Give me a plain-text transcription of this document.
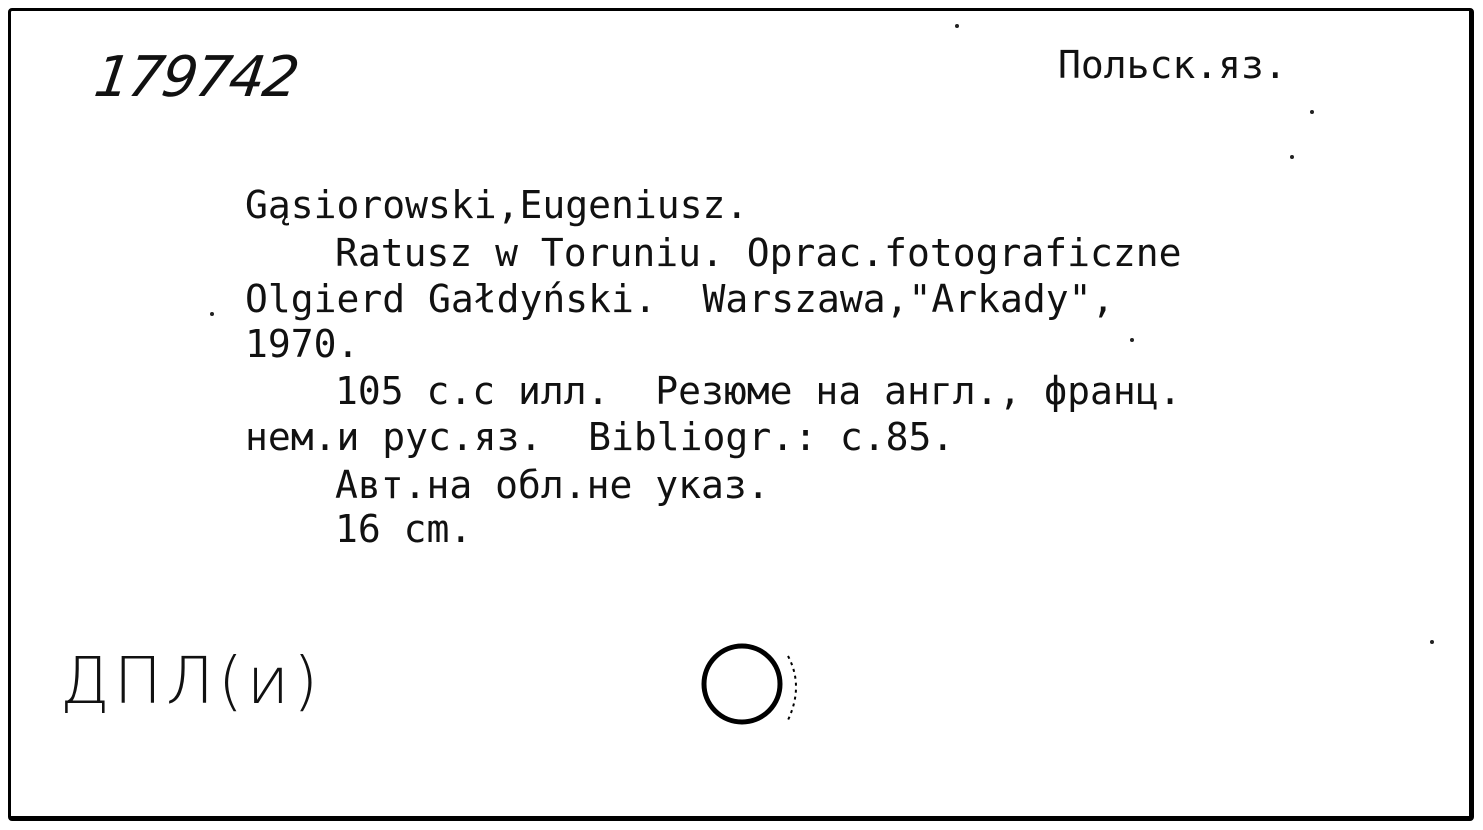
179742	Польск.яз.
Gąsiorowski,Eugeniusz.
Ratusz w Toruniu. Oprac.fotograficzne
Olgierd Gałdyński.  Warszawa,"Arkady",
1970.
105 с.с илл.  Резюме на англ., франц.
нем.и рус.яз.  Bibliogr.: с.85.
Авт.на обл.не указ.
16 cm.
ДПЛ(и)
